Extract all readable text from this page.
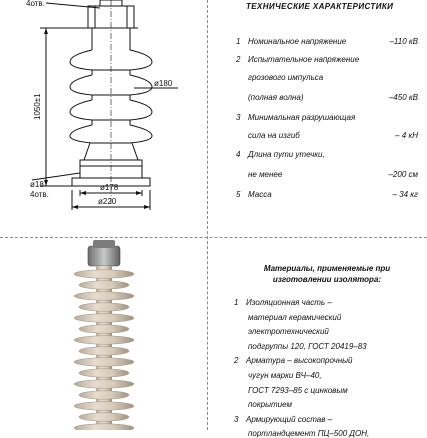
4отв.
1050±1
ø180
ø18
4отв.
ø178
ø220
ТЕХНИЧЕСКИЕ ХАРАКТЕРИСТИКИ
1 Номинальное напряжение	–110 кВ
2 Испытательное напряжение
грозового импульса
(полная волна)	–450 кВ
3 Минимальная разрушающая
сила на изгиб	– 4 кН
4 Длина пути утечки,
не менее	–200 см
5 Масса	– 34 кг
Материалы, применяемые при
изготовлении изолятора:
1 Изоляционная часть –
материал керамический
электротехнический
подгруппы 120, ГОСТ 20419–83
2 Арматура – высокопрочный
чугун марки ВЧ–40,
ГОСТ 7293–85 с цинковым
покрытием
3 Армирующий состав –
портландцемент ПЦ–500 ДОН,
